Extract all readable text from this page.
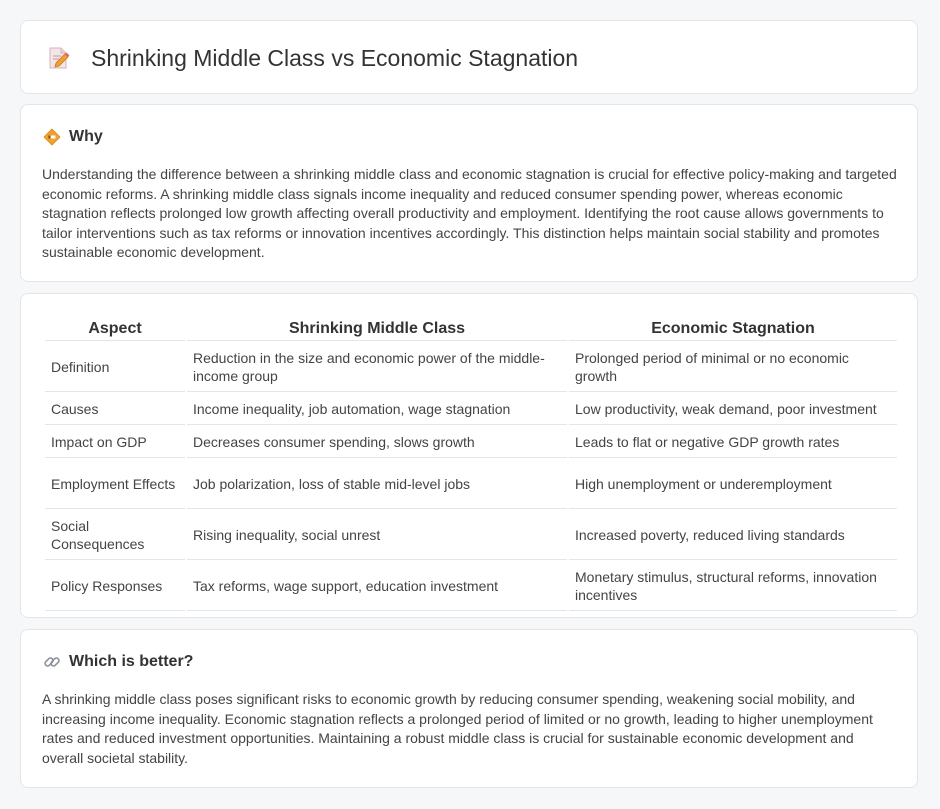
Shrinking Middle Class vs Economic Stagnation
Why

Understanding the difference between a shrinking middle class and economic stagnation is crucial for effective policy-making and targeted economic reforms. A shrinking middle class signals income inequality and reduced consumer spending power, whereas economic stagnation reflects prolonged low growth affecting overall productivity and employment. Identifying the root cause allows governments to tailor interventions such as tax reforms or innovation incentives accordingly. This distinction helps maintain social stability and promotes sustainable economic development.

Aspect	Shrinking Middle Class	Economic Stagnation
Definition	Reduction in the size and economic power of the middle-income group	Prolonged period of minimal or no economic growth
Causes	Income inequality, job automation, wage stagnation	Low productivity, weak demand, poor investment
Impact on GDP	Decreases consumer spending, slows growth	Leads to flat or negative GDP growth rates
Employment Effects	Job polarization, loss of stable mid-level jobs	High unemployment or underemployment
Social Consequences	Rising inequality, social unrest	Increased poverty, reduced living standards
Policy Responses	Tax reforms, wage support, education investment	Monetary stimulus, structural reforms, innovation incentives
Which is better?

A shrinking middle class poses significant risks to economic growth by reducing consumer spending, weakening social mobility, and increasing income inequality. Economic stagnation reflects a prolonged period of limited or no growth, leading to higher unemployment rates and reduced investment opportunities. Maintaining a robust middle class is crucial for sustainable economic development and overall societal stability.
